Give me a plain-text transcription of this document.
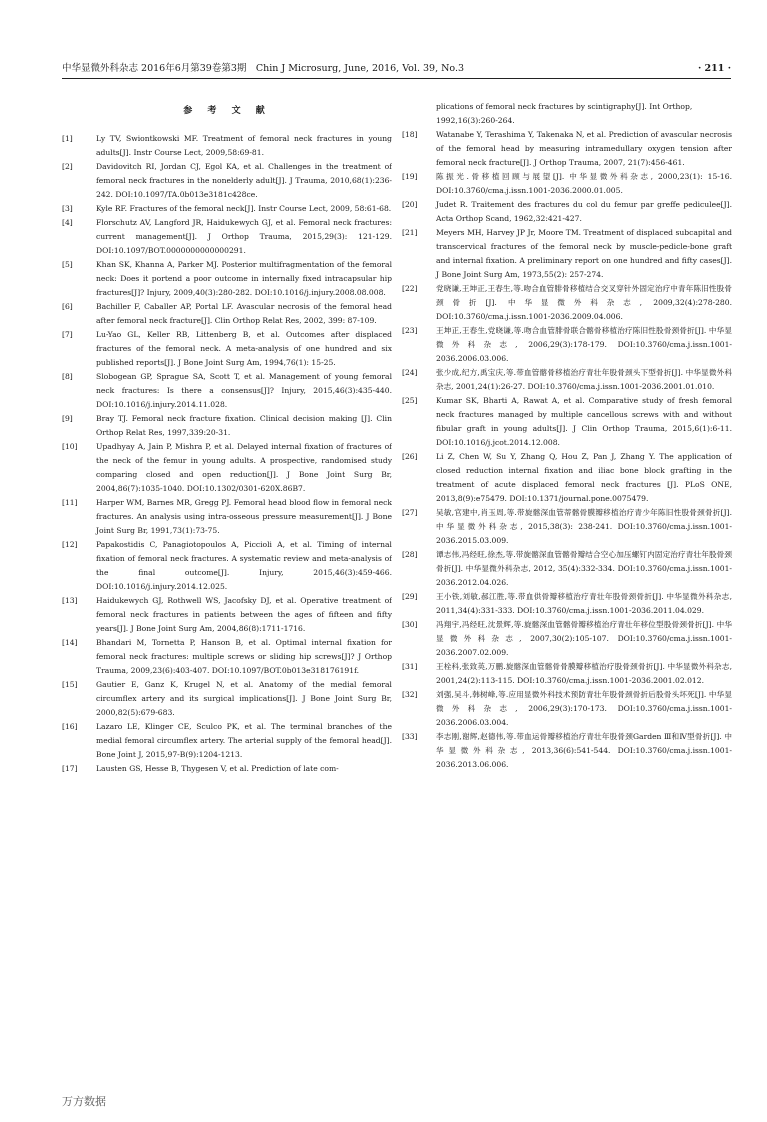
中华显微外科杂志 2016年6月第39卷第3期　Chin J Microsurg, June, 2016, Vol. 39, No.3	· 211 ·
参 考 文 献

[1]	Ly TV, Swiontkowski MF. Treatment of femoral neck fractures in young adults[J]. Instr Course Lect, 2009,58:69-81.

[2]	Davidovitch RI, Jordan CJ, Egol KA, et al. Challenges in the treatment of femoral neck fractures in the nonelderly adult[J]. J Trauma, 2010,68(1):236-242. DOI:10.1097/TA.0b013e3181c428ce.

[3]	Kyle RF. Fractures of the femoral neck[J]. Instr Course Lect, 2009, 58:61-68.

[4]	Florschutz AV, Langford JR, Haidukewych GJ, et al. Femoral neck fractures: current management[J]. J Orthop Trauma, 2015,29(3): 121-129. DOI:10.1097/BOT.0000000000000291.

[5]	Khan SK, Khanna A, Parker MJ. Posterior multifragmentation of the femoral neck: Does it portend a poor outcome in internally fixed intracapsular hip fractures[J]? Injury, 2009,40(3):280-282. DOI:10.1016/j.injury.2008.08.008.

[6]	Bachiller F, Caballer AP, Portal LF. Avascular necrosis of the femoral head after femoral neck fracture[J]. Clin Orthop Relat Res, 2002, 399: 87-109.

[7]	Lu-Yao GL, Keller RB, Littenberg B, et al. Outcomes after displaced fractures of the femoral neck. A meta-analysis of one hundred and six published reports[J]. J Bone Joint Surg Am, 1994,76(1): 15-25.

[8]	Slobogean GP, Sprague SA, Scott T, et al. Management of young femoral neck fractures: Is there a consensus[J]? Injury, 2015,46(3):435-440. DOI:10.1016/j.injury.2014.11.028.

[9]	Bray TJ. Femoral neck fracture fixation. Clinical decision making [J]. Clin Orthop Relat Res, 1997,339:20-31.

[10] Upadhyay A, Jain P, Mishra P, et al. Delayed internal fixation of fractures of the neck of the femur in young adults. A prospective, randomised study comparing closed and open reduction[J]. J Bone Joint Surg Br, 2004,86(7):1035-1040. DOI:10.1302/0301-620X.86B7.

[11] Harper WM, Barnes MR, Gregg PJ. Femoral head blood flow in femoral neck fractures. An analysis using intra-osseous pressure measurement[J]. J Bone Joint Surg Br, 1991,73(1):73-75.

[12] Papakostidis C, Panagiotopoulos A, Piccioli A, et al. Timing of internal fixation of femoral neck fractures. A systematic review and meta-analysis of the final outcome[J]. Injury, 2015,46(3):459-466. DOI:10.1016/j.injury.2014.12.025.

[13] Haidukewych GJ, Rothwell WS, Jacofsky DJ, et al. Operative treatment of femoral neck fractures in patients between the ages of fifteen and fifty years[J]. J Bone Joint Surg Am, 2004,86(8):1711-1716.

[14] Bhandari M, Tornetta P, Hanson B, et al. Optimal internal fixation for femoral neck fractures: multiple screws or sliding hip screws[J]? J Orthop Trauma, 2009,23(6):403-407. DOI:10.1097/BOT.0b013e318176191f.

[15] Gautier E, Ganz K, Krugel N, et al. Anatomy of the medial femoral circumflex artery and its surgical implications[J]. J Bone Joint Surg Br, 2000,82(5):679-683.

[16] Lazaro LE, Klinger CE, Sculco PK, et al. The terminal branches of the medial femoral circumflex artery. The arterial supply of the femoral head[J]. Bone Joint J, 2015,97-B(9):1204-1213.

[17] Lausten GS, Hesse B, Thygesen V, et al. Prediction of late com-

plications of femoral neck fractures by scintigraphy[J]. Int Orthop, 1992,16(3):260-264.

[18] Watanabe Y, Terashima Y, Takenaka N, et al. Prediction of avascular necrosis of the femoral head by measuring intramedullary oxygen tension after femoral neck fracture[J]. J Orthop Trauma, 2007, 21(7):456-461.

[19] 陈振光.骨移植回顾与展望[J]. 中华显微外科杂志, 2000,23(1): 15-16. DOI:10.3760/cma.j.issn.1001-2036.2000.01.005.

[20] Judet R. Traitement des fractures du col du femur par greffe pediculee[J]. Acta Orthop Scand, 1962,32:421-427.

[21] Meyers MH, Harvey JP Jr, Moore TM. Treatment of displaced subcapital and transcervical fractures of the femoral neck by muscle-pedicle-bone graft and internal fixation. A preliminary report on one hundred and fifty cases[J]. J Bone Joint Surg Am, 1973,55(2): 257-274.

[22] 党晓谦,王坤正,王春生,等.吻合血管腓骨移植结合交叉穿针外固定治疗中青年陈旧性股骨颈骨折[J]. 中华显微外科杂志, 2009,32(4):278-280. DOI:10.3760/cma.j.issn.1001-2036.2009.04.006.

[23] 王坤正,王春生,党晓谦,等.吻合血管腓骨联合髂骨移植治疗陈旧性股骨颈骨折[J]. 中华显微外科杂志, 2006,29(3):178-179. DOI:10.3760/cma.j.issn.1001-2036.2006.03.006.

[24] 张少成,纪方,禹宝庆,等.带血管髂骨移植治疗青壮年股骨颈头下型骨折[J]. 中华显微外科杂志, 2001,24(1):26-27. DOI:10.3760/cma.j.issn.1001-2036.2001.01.010.

[25] Kumar SK, Bharti A, Rawat A, et al. Comparative study of fresh femoral neck fractures managed by multiple cancellous screws with and without fibular graft in young adults[J]. J Clin Orthop Trauma, 2015,6(1):6-11. DOI:10.1016/j.jcot.2014.12.008.

[26] Li Z, Chen W, Su Y, Zhang Q, Hou Z, Pan J, Zhang Y. The application of closed reduction internal fixation and iliac bone block grafting in the treatment of acute displaced femoral neck fractures [J]. PLoS ONE, 2013,8(9):e75479. DOI:10.1371/journal.pone.0075479.

[27] 吴敏,官建中,肖玉周,等.带旋髂深血管蒂髂骨膜瓣移植治疗青少年陈旧性股骨颈骨折[J]. 中华显微外科杂志, 2015,38(3): 238-241. DOI:10.3760/cma.j.issn.1001-2036.2015.03.009.

[28] 谭志伟,冯经旺,徐杰,等.带旋髂深血管髂骨瓣结合空心加压螺钉内固定治疗青壮年股骨颈骨折[J]. 中华显微外科杂志, 2012, 35(4):332-334. DOI:10.3760/cma.j.issn.1001-2036.2012.04.026.

[29] 王小铁,刘敏,郝江胜,等.带血供骨瓣移植治疗青壮年股骨颈骨折[J]. 中华显微外科杂志, 2011,34(4):331-333. DOI:10.3760/cma.j.issn.1001-2036.2011.04.029.

[30] 冯翔宇,冯经旺,沈景辉,等.旋髂深血管髂骨瓣移植治疗青壮年移位型股骨颈骨折[J]. 中华显微外科杂志, 2007,30(2):105-107. DOI:10.3760/cma.j.issn.1001-2036.2007.02.009.

[31] 王栓科,张致英,万鹏.旋髂深血管髂骨骨膜瓣移植治疗股骨颈骨折[J]. 中华显微外科杂志, 2001,24(2):113-115. DOI:10.3760/cma.j.issn.1001-2036.2001.02.012.

[32] 刘强,吴斗,韩树峰,等.应用显微外科技术预防青壮年股骨颈骨折后股骨头坏死[J]. 中华显微外科杂志, 2006,29(3):170-173. DOI:10.3760/cma.j.issn.1001-2036.2006.03.004.

[33] 李志刚,谢辉,赵德伟,等.带血运骨瓣移植治疗青壮年股骨颈Garden Ⅲ和Ⅳ型骨折[J]. 中华显微外科杂志, 2013,36(6):541-544. DOI:10.3760/cma.j.issn.1001-2036.2013.06.006.

万方数据
